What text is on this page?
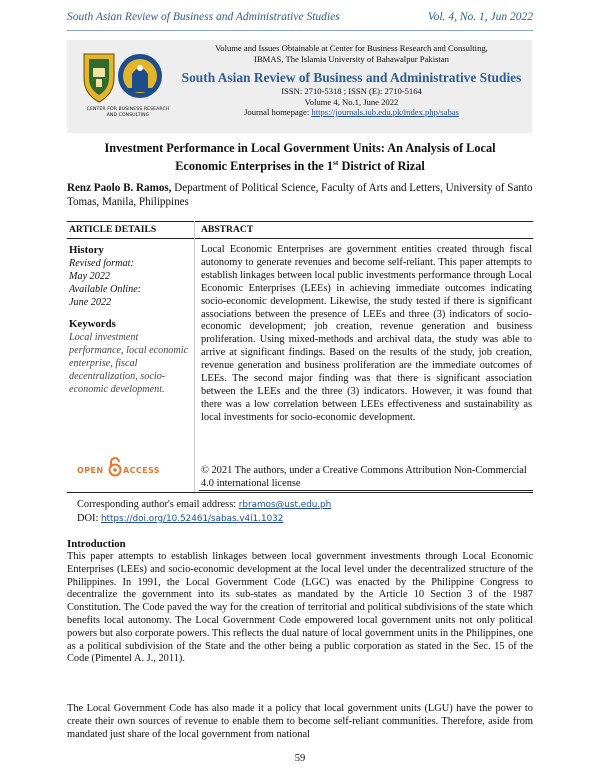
South Asian Review of Business and Administrative Studies	Vol. 4, No. 1, Jun 2022
CENTER FOR BUSINESS RESEARCH AND CONSULTING
Volume and Issues Obtainable at Center for Business Research and Consulting,
IBMAS, The Islamia University of Bahawalpur Pakistan
South Asian Review of Business and Administrative Studies
ISSN: 2710-5318 ; ISSN (E): 2710-5164
Volume 4, No.1, June 2022
Journal homepage: https://journals.iub.edu.pk/index.php/sabas
Investment Performance in Local Government Units: An Analysis of Local
Economic Enterprises in the 1st District of Rizal
Renz Paolo B. Ramos, Department of Political Science, Faculty of Arts and Letters, University of Santo Tomas, Manila, Philippines
ARTICLE DETAILS	ABSTRACT
History
Revised format:
May 2022
Available Online:
June 2022
Keywords
Local investment performance, local economic enterprise, fiscal decentralization, socio-economic development.
Local Economic Enterprises are government entities created through fiscal autonomy to generate revenues and become self-reliant. This paper attempts to establish linkages between local public investments performance through Local Economic Enterprises (LEEs) in achieving immediate outcomes indicating socio-economic development. Likewise, the study tested if there is significant associations between the presence of LEEs and three (3) indicators of socio-economic development; job creation, revenue generation and business proliferation. Using mixed-methods and archival data, the study was able to arrive at significant findings. Based on the results of the study, job creation, revenue generation and business proliferation are the immediate outcomes of LEEs. The second major finding was that there is significant association between the LEEs and the three (3) indicators. However, it was found that there was a low correlation between LEEs effectiveness and sustainability as local investments for socio-economic development.
© 2021 The authors, under a Creative Commons Attribution Non-Commercial 4.0 international license
OPEN ACCESS
Corresponding author's email address: rbramos@ust.edu.ph
DOI: https://doi.org/10.52461/sabas.v4i1.1032
Introduction
This paper attempts to establish linkages between local government investments through Local Economic Enterprises (LEEs) and socio-economic development at the local level under the decentralized structure of the Philippines. In 1991, the Local Government Code (LGC) was enacted by the Philippine Congress to decentralize the government into its sub-states as mandated by the Article 10 Section 3 of the 1987 Constitution. The Code paved the way for the creation of territorial and political subdivisions of the state which benefits local autonomy. The Local Government Code empowered local government units not only political powers but also corporate powers. This reflects the dual nature of local government units in the Philippines, one as a political subdivision of the State and the other being a public corporation as stated in the Sec. 15 of the Code (Pimentel A. J., 2011).
The Local Government Code has also made it a policy that local government units (LGU) have the power to create their own sources of revenue to enable them to become self-reliant communities. Therefore, aside from mandated just share of the local government from national
59
